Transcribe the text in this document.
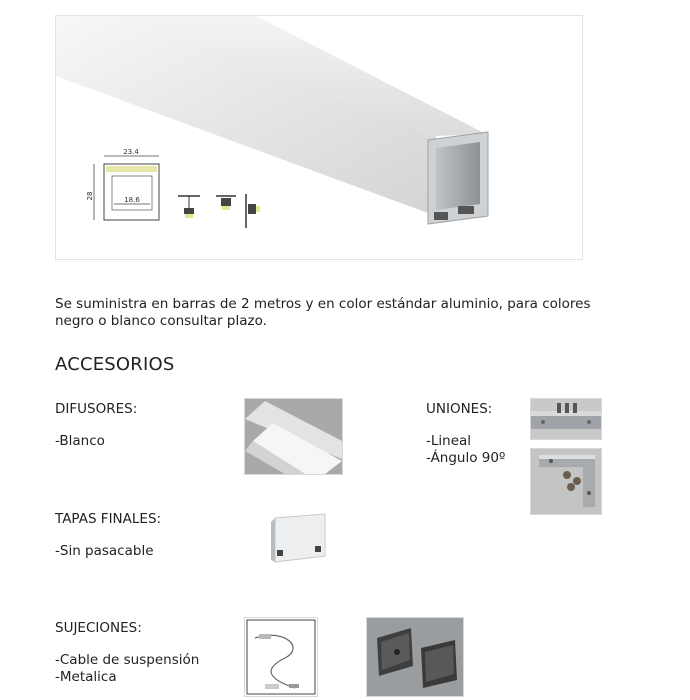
23.4
28	18.6
Se suministra en barras de 2 metros y en color estándar aluminio, para colores
negro o blanco consultar plazo.
ACCESORIOS
DIFUSORES:
-Blanco
UNIONES:
-Lineal
-Ángulo 90º
TAPAS FINALES:
-Sin pasacable
SUJECIONES:
-Cable de suspensión
-Metalica
